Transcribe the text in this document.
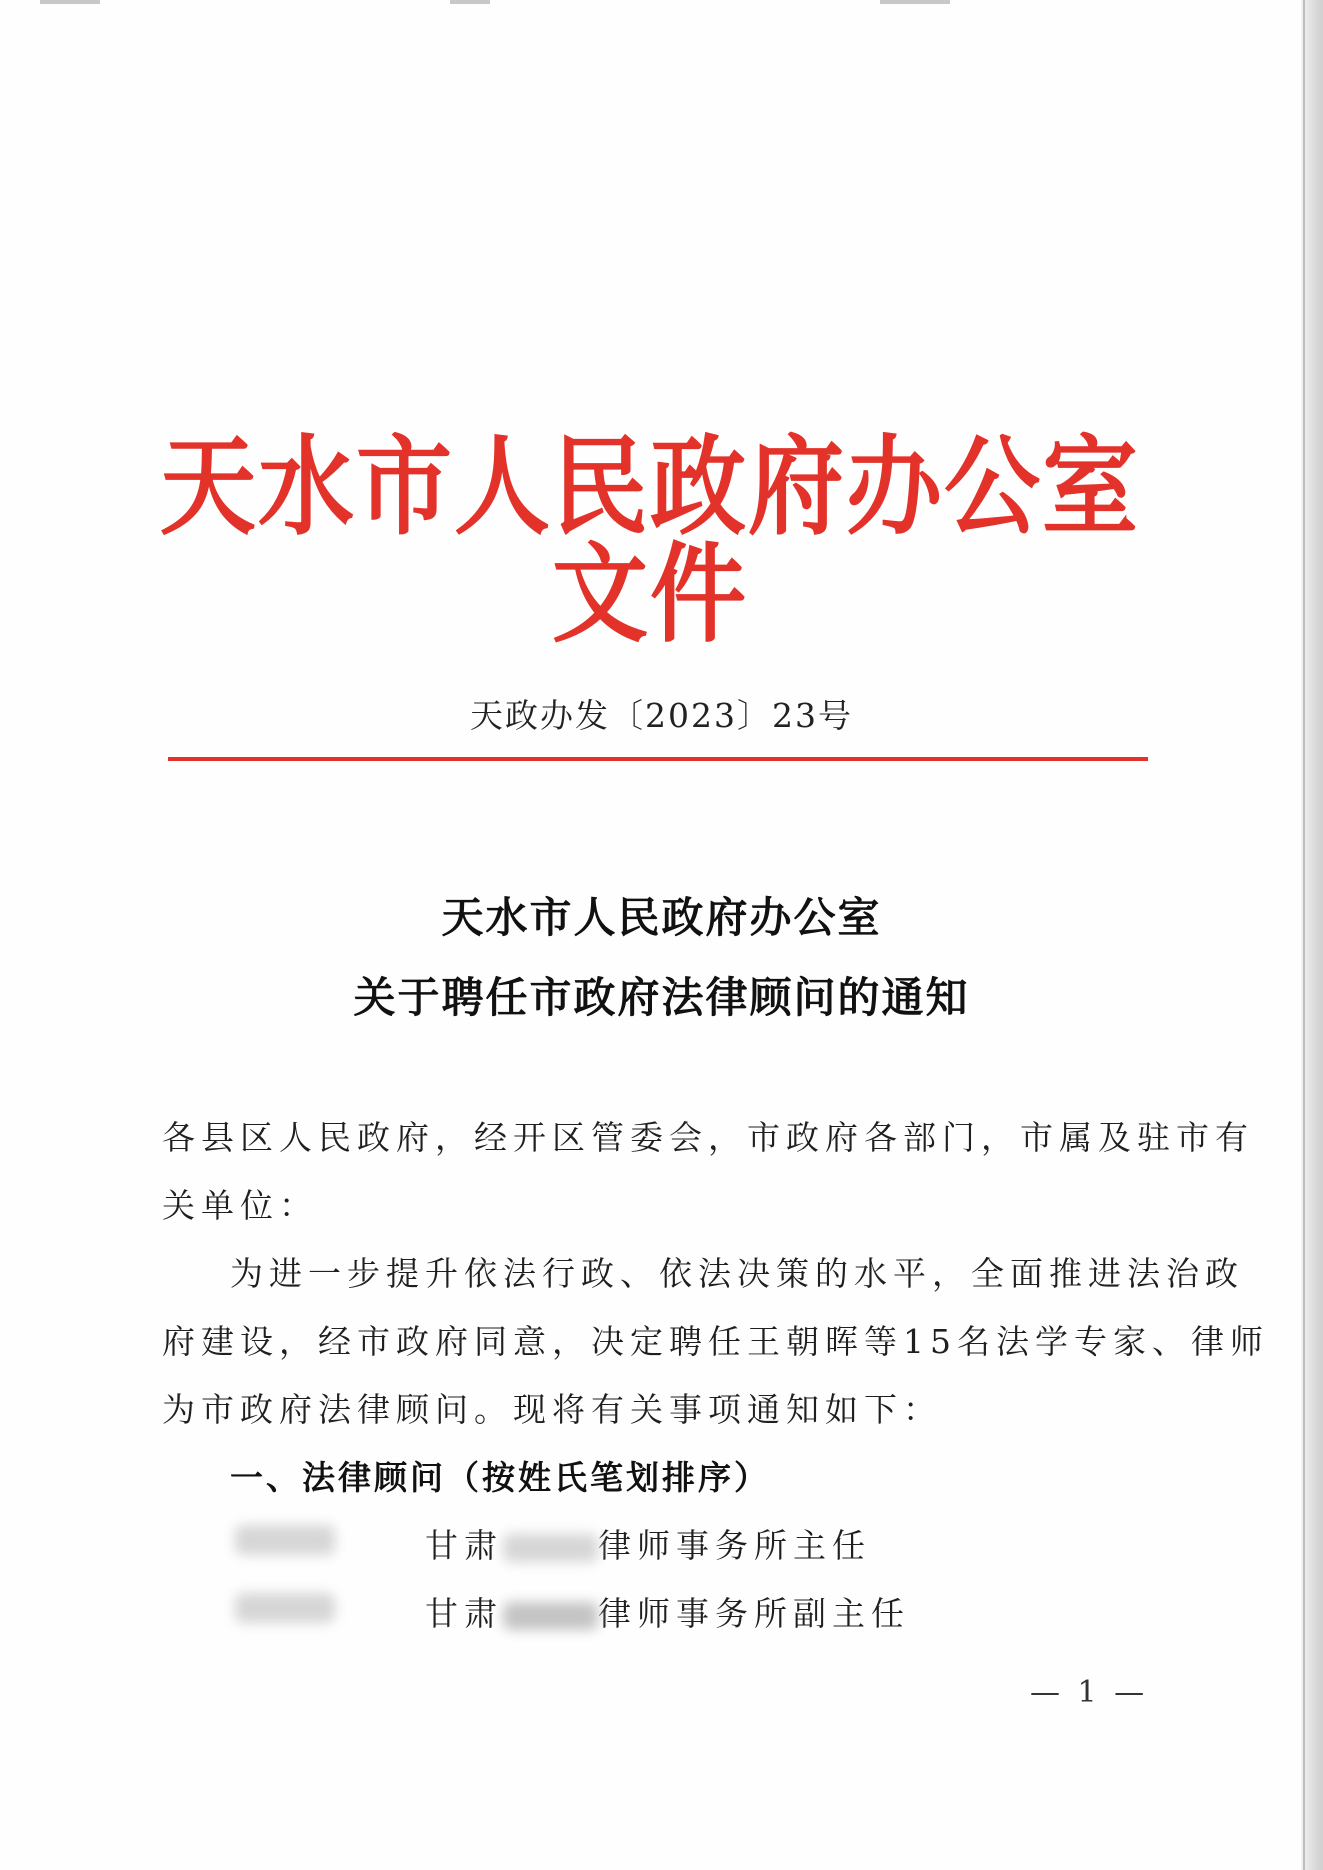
天水市人民政府办公室文件
天政办发〔2023〕23号
天水市人民政府办公室
关于聘任市政府法律顾问的通知
各县区人民政府，经开区管委会，市政府各部门，市属及驻市有
关单位：
为进一步提升依法行政、依法决策的水平，全面推进法治政
府建设，经市政府同意，决定聘任王朝晖等15名法学专家、律师
为市政府法律顾问。现将有关事项通知如下：
一、法律顾问（按姓氏笔划排序）
甘肃	律师事务所主任
甘肃	律师事务所副主任
— 1 —
